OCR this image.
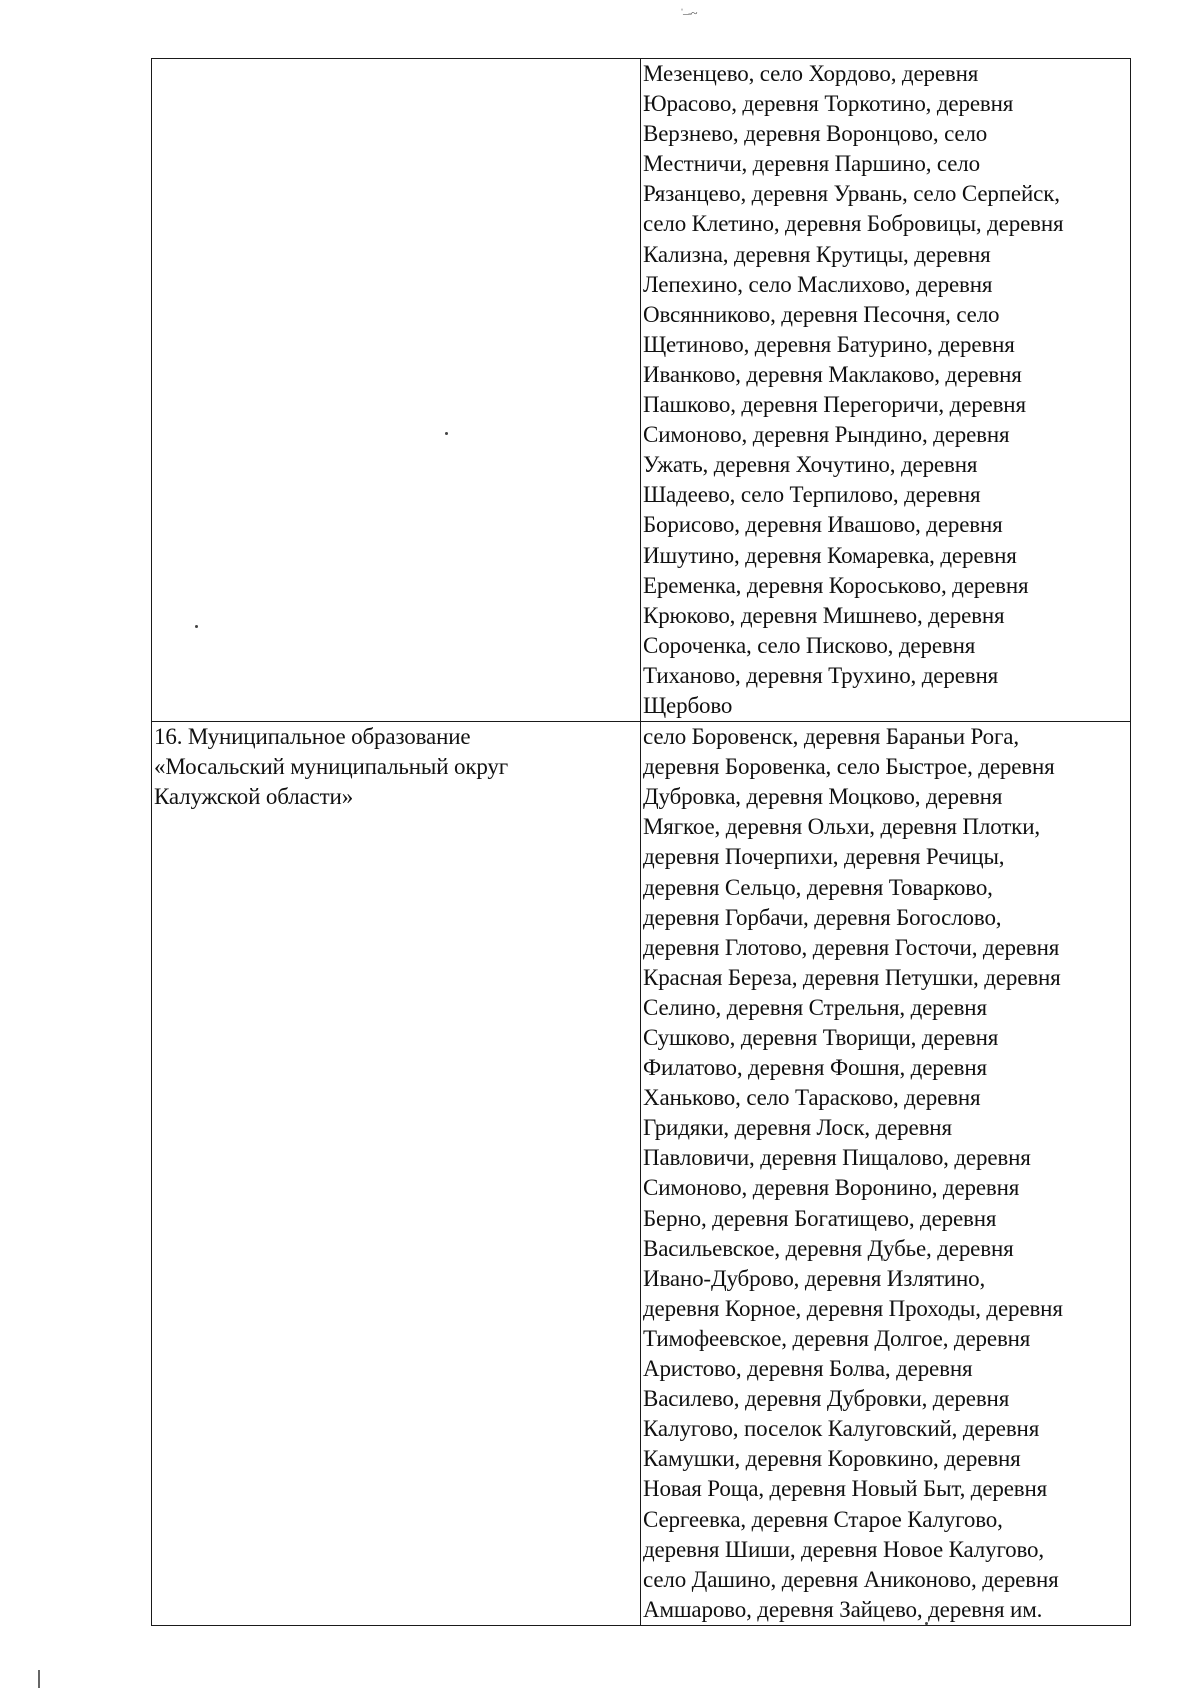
ˈ–‑~
Мезенцево, село Хордово, деревня
Юрасово, деревня Торкотино, деревня
Верзнево, деревня Воронцово, село
Местничи, деревня Паршино, село
Рязанцево, деревня Урвань, село Серпейск,
село Клетино, деревня Бобровицы, деревня
Кализна, деревня Крутицы, деревня
Лепехино, село Маслихово, деревня
Овсянниково, деревня Песочня, село
Щетиново, деревня Батурино, деревня
Иванково, деревня Маклаково, деревня
Пашково, деревня Перегоричи, деревня
Симоново, деревня Рындино, деревня
Ужать, деревня Хочутино, деревня
Шадеево, село Терпилово, деревня
Борисово, деревня Ивашово, деревня
Ишутино, деревня Комаревка, деревня
Еременка, деревня Короськово, деревня
Крюково, деревня Мишнево, деревня
Сороченка, село Писково, деревня
Тиханово, деревня Трухино, деревня
Щербово
16. Муниципальное образование
«Мосальский муниципальный округ
Калужской области»
село Боровенск, деревня Бараньи Рога,
деревня Боровенка, село Быстрое, деревня
Дубровка, деревня Моцково, деревня
Мягкое, деревня Ольхи, деревня Плотки,
деревня Почерпихи, деревня Речицы,
деревня Сельцо, деревня Товарково,
деревня Горбачи, деревня Богослово,
деревня Глотово, деревня Госточи, деревня
Красная Береза, деревня Петушки, деревня
Селино, деревня Стрельня, деревня
Сушково, деревня Творищи, деревня
Филатово, деревня Фошня, деревня
Ханьково, село Тарасково, деревня
Гридяки, деревня Лоск, деревня
Павловичи, деревня Пищалово, деревня
Симоново, деревня Воронино, деревня
Берно, деревня Богатищево, деревня
Васильевское, деревня Дубье, деревня
Ивано-Дуброво, деревня Излятино,
деревня Корное, деревня Проходы, деревня
Тимофеевское, деревня Долгое, деревня
Аристово, деревня Болва, деревня
Василево, деревня Дубровки, деревня
Калугово, поселок Калуговский, деревня
Камушки, деревня Коровкино, деревня
Новая Роща, деревня Новый Быт, деревня
Сергеевка, деревня Старое Калугово,
деревня Шиши, деревня Новое Калугово,
село Дашино, деревня Аниконово, деревня
Амшарово, деревня Зайцево, деревня им.
